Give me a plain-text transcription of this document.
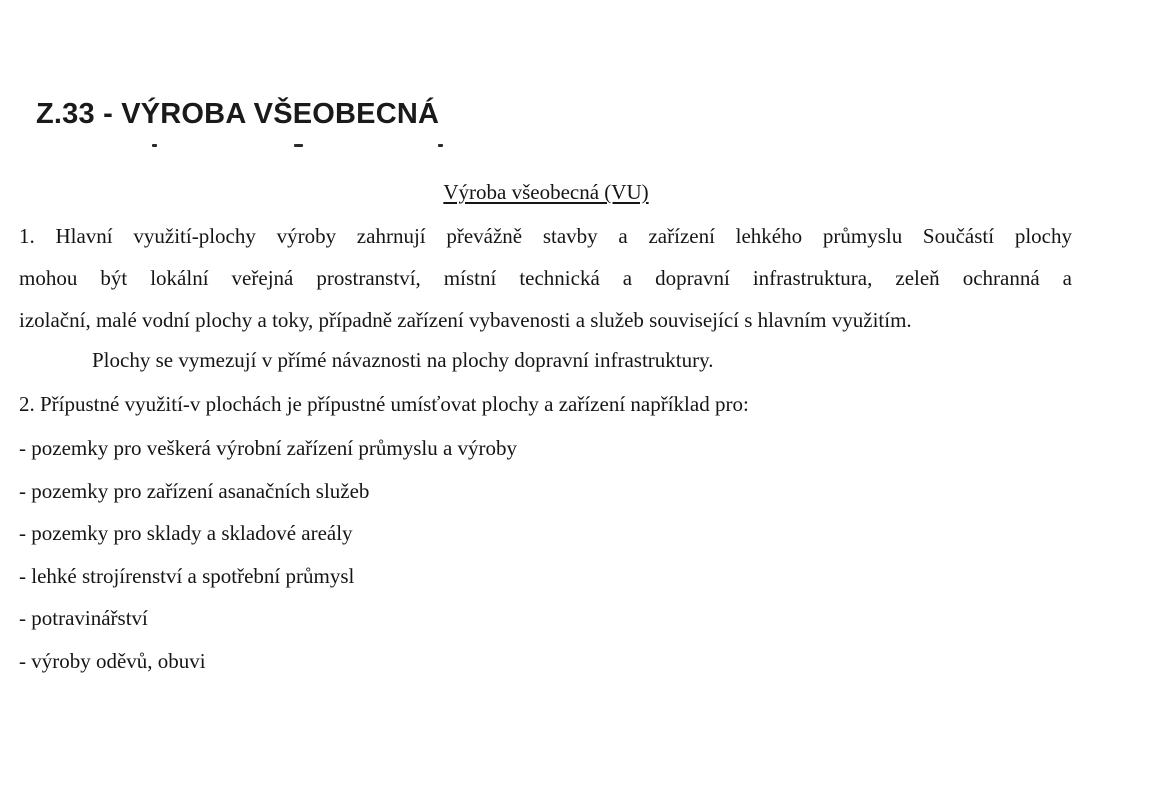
Z.33 - VÝROBA VŠEOBECNÁ
Výroba všeobecná (VU)

1. Hlavní využití-plochy výroby zahrnují převážně stavby a zařízení lehkého průmyslu Součástí plochy
mohou být lokální veřejná prostranství, místní technická a dopravní infrastruktura, zeleň ochranná a
izolační, malé vodní plochy a toky, případně zařízení vybavenosti a služeb související s hlavním využitím.

Plochy se vymezují v přímé návaznosti na plochy dopravní infrastruktury.
2. Přípustné využití-v plochách je přípustné umísťovat plochy a zařízení například pro:
- pozemky pro veškerá výrobní zařízení průmyslu a výroby
- pozemky pro zařízení asanačních služeb
- pozemky pro sklady a skladové areály
- lehké strojírenství a spotřební průmysl
- potravinářství
- výroby oděvů, obuvi
